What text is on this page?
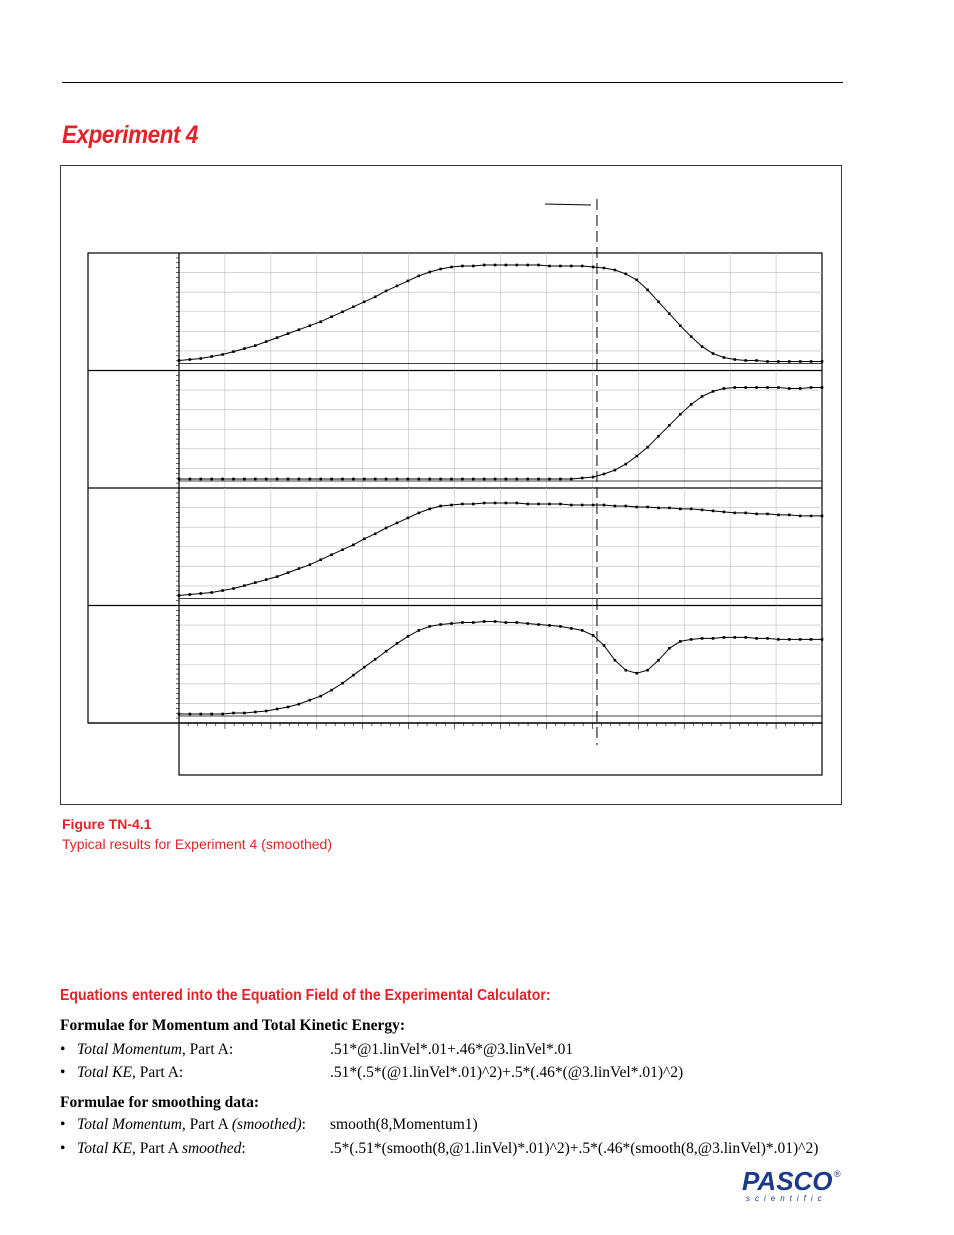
Experiment 4
Figure TN-4.1
Typical results for Experiment 4 (smoothed)
Equations entered into the Equation Field of the Experimental Calculator:
Formulae for Momentum and Total Kinetic Energy:
• Total Momentum, Part A:	.51*@1.linVel*.01+.46*@3.linVel*.01
• Total KE, Part A:	.51*(.5*(@1.linVel*.01)^2)+.5*(.46*(@3.linVel*.01)^2)
Formulae for smoothing data:
• Total Momentum, Part A (smoothed): smooth(8,Momentum1)
• Total KE, Part A smoothed:	.5*(.51*(smooth(8,@1.linVel)*.01)^2)+.5*(.46*(smooth(8,@3.linVel)*.01)^2)
PASCO ®
scientific
